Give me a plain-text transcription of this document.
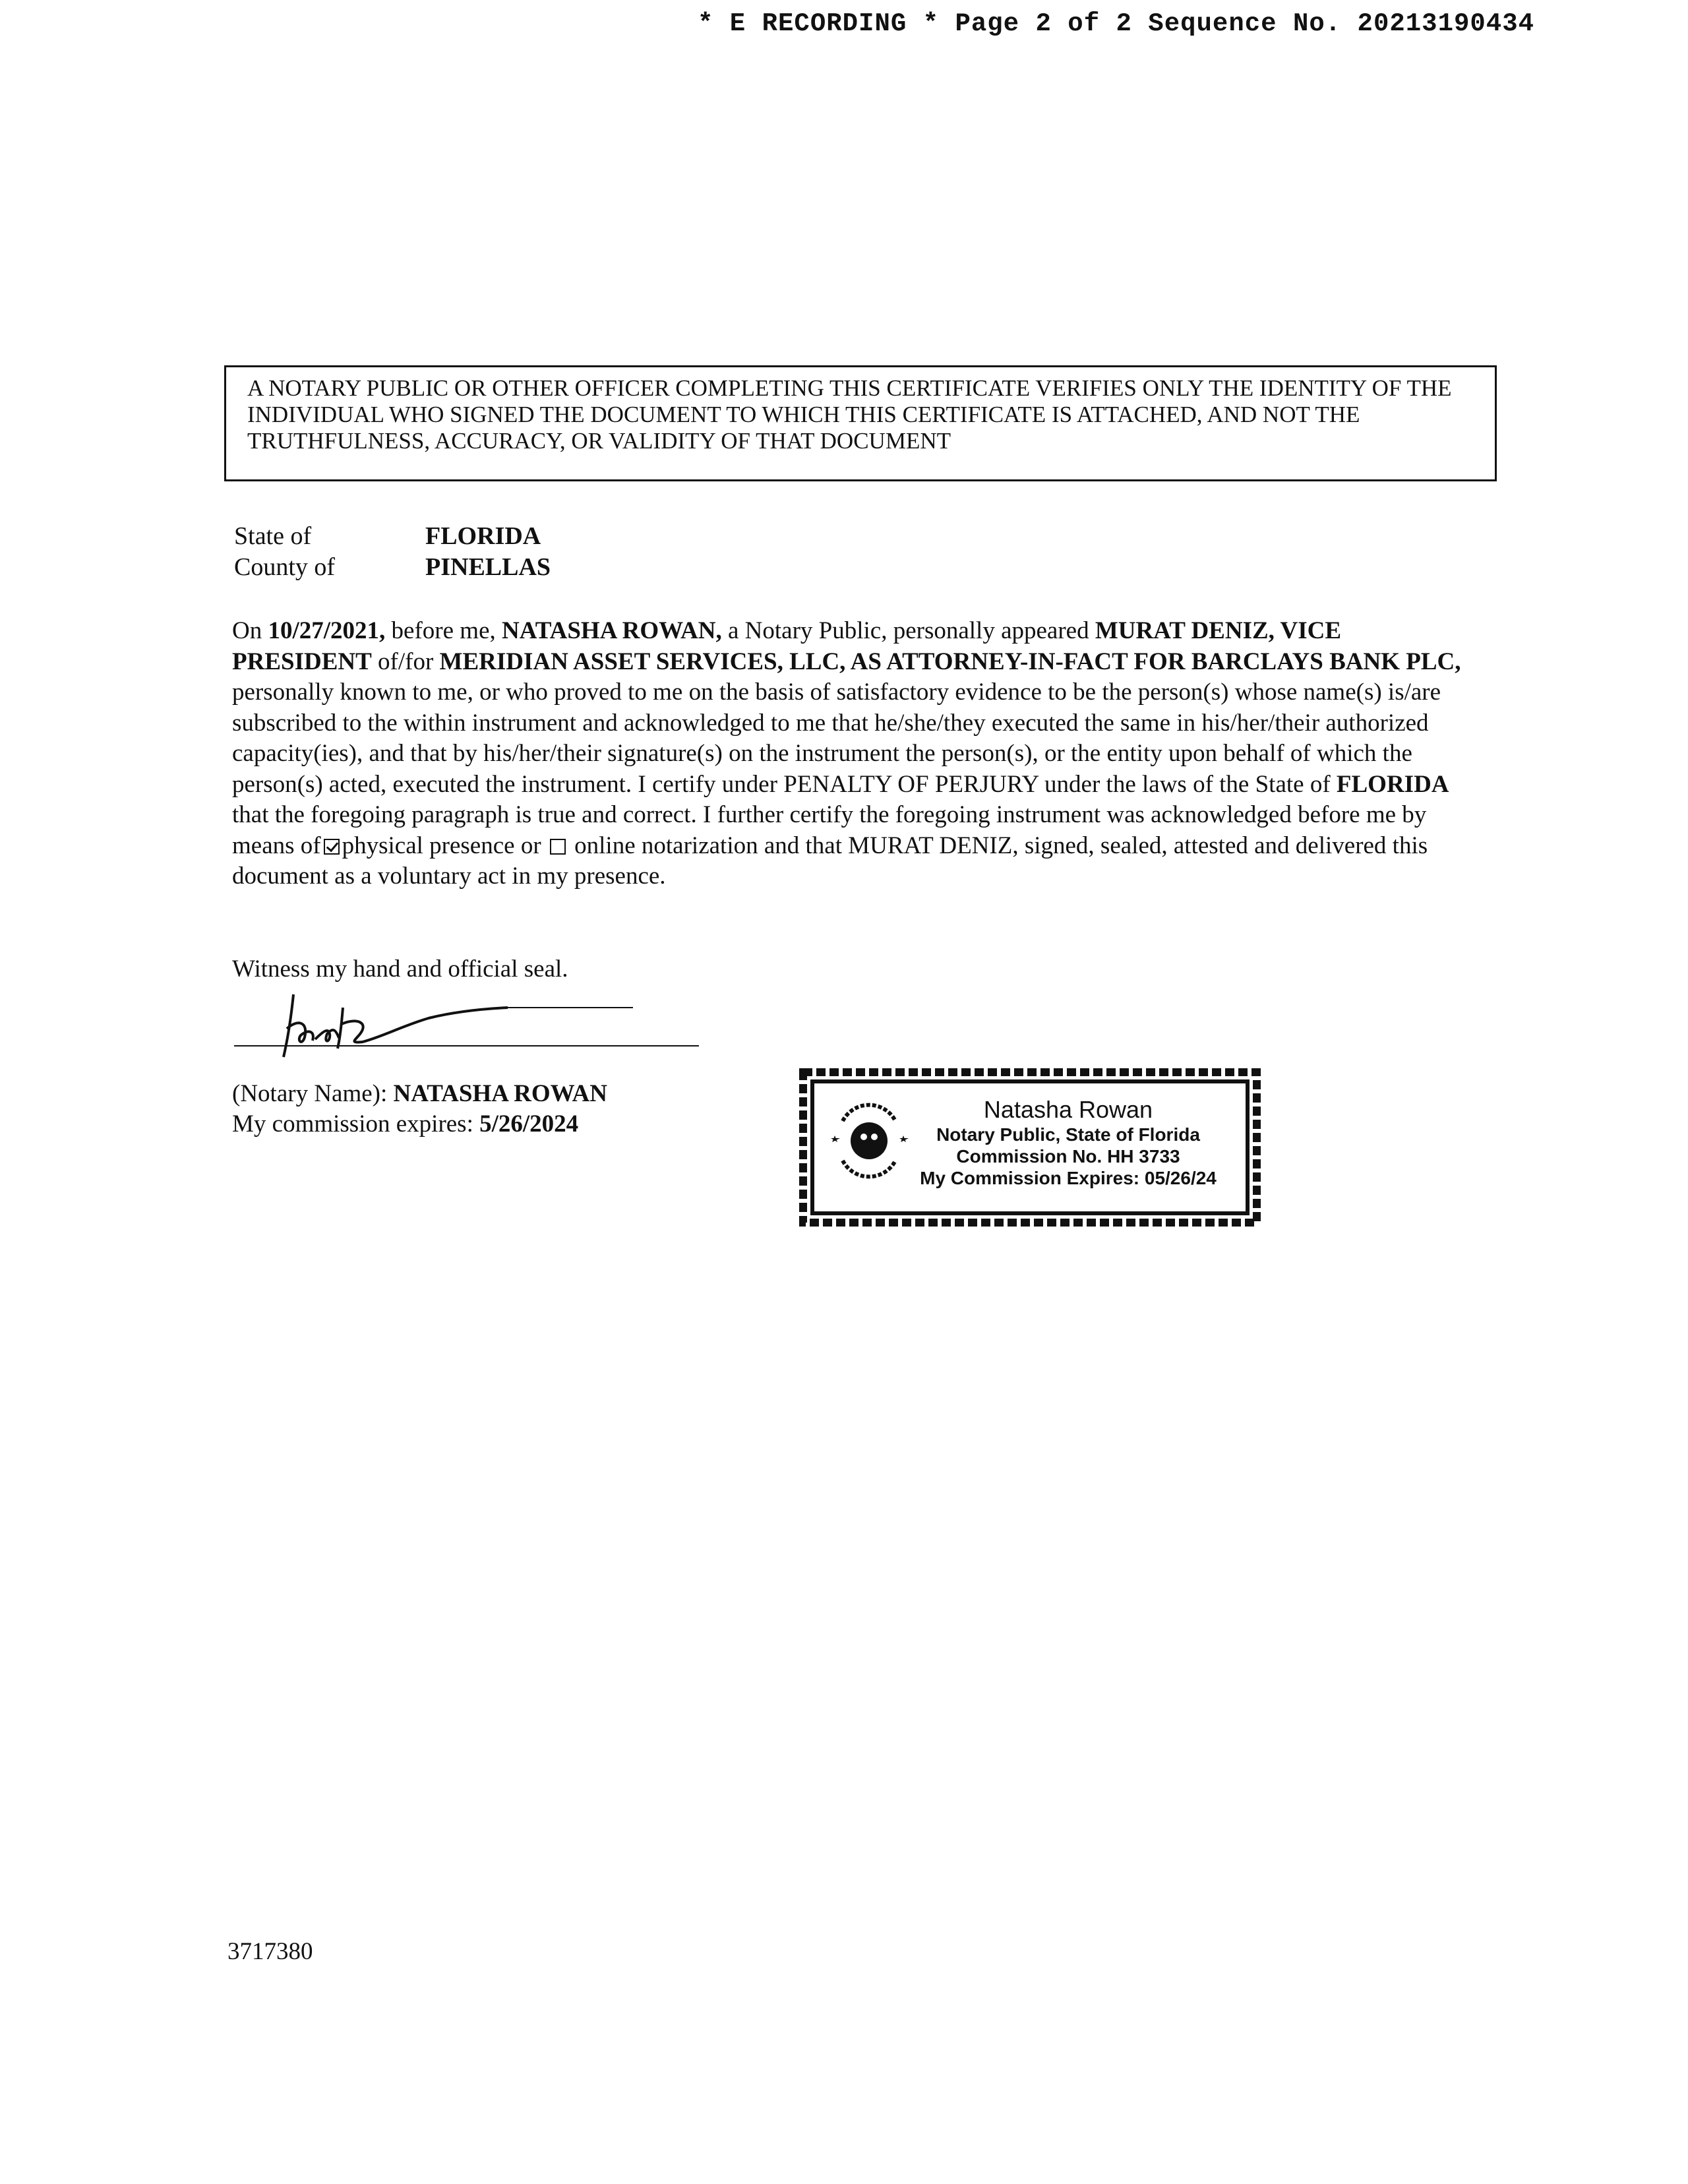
* E RECORDING * Page 2 of 2 Sequence No. 20213190434
A NOTARY PUBLIC OR OTHER OFFICER COMPLETING THIS CERTIFICATE VERIFIES ONLY THE IDENTITY OF THE INDIVIDUAL WHO SIGNED THE DOCUMENT TO WHICH THIS CERTIFICATE IS ATTACHED, AND NOT THE TRUTHFULNESS, ACCURACY, OR VALIDITY OF THAT DOCUMENT
State of	FLORIDA
County of	PINELLAS
On 10/27/2021, before me, NATASHA ROWAN, a Notary Public, personally appeared MURAT DENIZ, VICE PRESIDENT of/for MERIDIAN ASSET SERVICES, LLC, AS ATTORNEY-IN-FACT FOR BARCLAYS BANK PLC, personally known to me, or who proved to me on the basis of satisfactory evidence to be the person(s) whose name(s) is/are subscribed to the within instrument and acknowledged to me that he/she/they executed the same in his/her/their authorized capacity(ies), and that by his/her/their signature(s) on the instrument the person(s), or the entity upon behalf of which the person(s) acted, executed the instrument. I certify under PENALTY OF PERJURY under the laws of the State of FLORIDA that the foregoing paragraph is true and correct. I further certify the foregoing instrument was acknowledged before me by means of physical presence or online notarization and that MURAT DENIZ, signed, sealed, attested and delivered this document as a voluntary act in my presence.
Witness my hand and official seal.
(Notary Name): NATASHA ROWAN
My commission expires: 5/26/2024
Natasha Rowan
Notary Public, State of Florida
Commission No. HH 3733
My Commission Expires: 05/26/24
3717380
